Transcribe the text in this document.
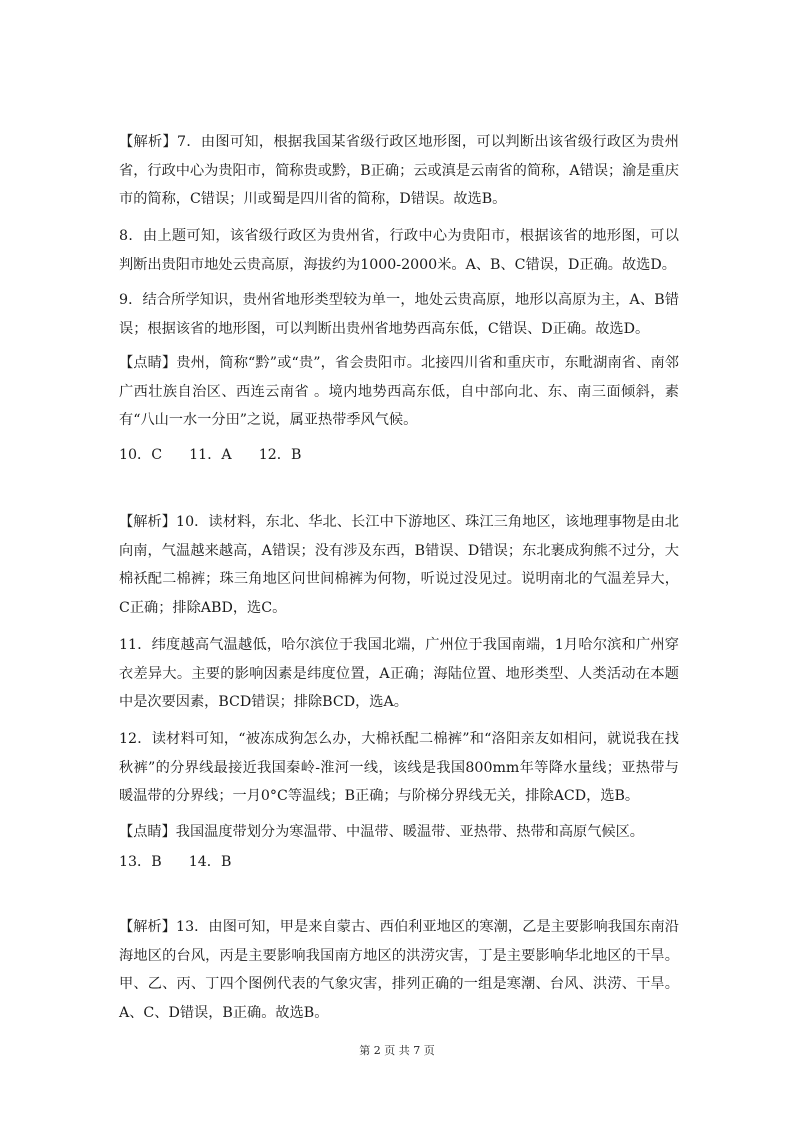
【解析】7．由图可知，根据我国某省级行政区地形图，可以判断出该省级行政区为贵州省，行政中心为贵阳市，简称贵或黔，B正确；云或滇是云南省的简称，A错误；渝是重庆市的简称，C错误；川或蜀是四川省的简称，D错误。故选B。

8．由上题可知，该省级行政区为贵州省，行政中心为贵阳市，根据该省的地形图，可以判断出贵阳市地处云贵高原，海拔约为1000-2000米。A、B、C错误，D正确。故选D。

9．结合所学知识，贵州省地形类型较为单一，地处云贵高原，地形以高原为主，A、B错误；根据该省的地形图，可以判断出贵州省地势西高东低，C错误、D正确。故选D。

【点睛】贵州，简称“黔”或“贵”，省会贵阳市。北接四川省和重庆市，东毗湖南省、南邻广西壮族自治区、西连云南省 。境内地势西高东低，自中部向北、东、南三面倾斜，素有“八山一水一分田”之说，属亚热带季风气候。

10．C      11．A      12．B

【解析】10．读材料，东北、华北、长江中下游地区、珠江三角地区，该地理事物是由北向南，气温越来越高，A错误；没有涉及东西，B错误、D错误；东北裹成狗熊不过分，大棉袄配二棉裤；珠三角地区问世间棉裤为何物，听说过没见过。说明南北的气温差异大，C正确；排除ABD，选C。

11．纬度越高气温越低，哈尔滨位于我国北端，广州位于我国南端，1月哈尔滨和广州穿衣差异大。主要的影响因素是纬度位置，A正确；海陆位置、地形类型、人类活动在本题中是次要因素，BCD错误；排除BCD，选A。

12．读材料可知，“被冻成狗怎么办，大棉袄配二棉裤”和“洛阳亲友如相问，就说我在找秋裤”的分界线最接近我国秦岭-淮河一线，该线是我国800mm年等降水量线；亚热带与暖温带的分界线；一月0°C等温线；B正确；与阶梯分界线无关，排除ACD，选B。

【点睛】我国温度带划分为寒温带、中温带、暖温带、亚热带、热带和高原气候区。

13．B      14．B

【解析】13．由图可知，甲是来自蒙古、西伯利亚地区的寒潮，乙是主要影响我国东南沿海地区的台风，丙是主要影响我国南方地区的洪涝灾害，丁是主要影响华北地区的干旱。甲、乙、丙、丁四个图例代表的气象灾害，排列正确的一组是寒潮、台风、洪涝、干旱。A、C、D错误，B正确。故选B。

第 2 页 共 7 页
